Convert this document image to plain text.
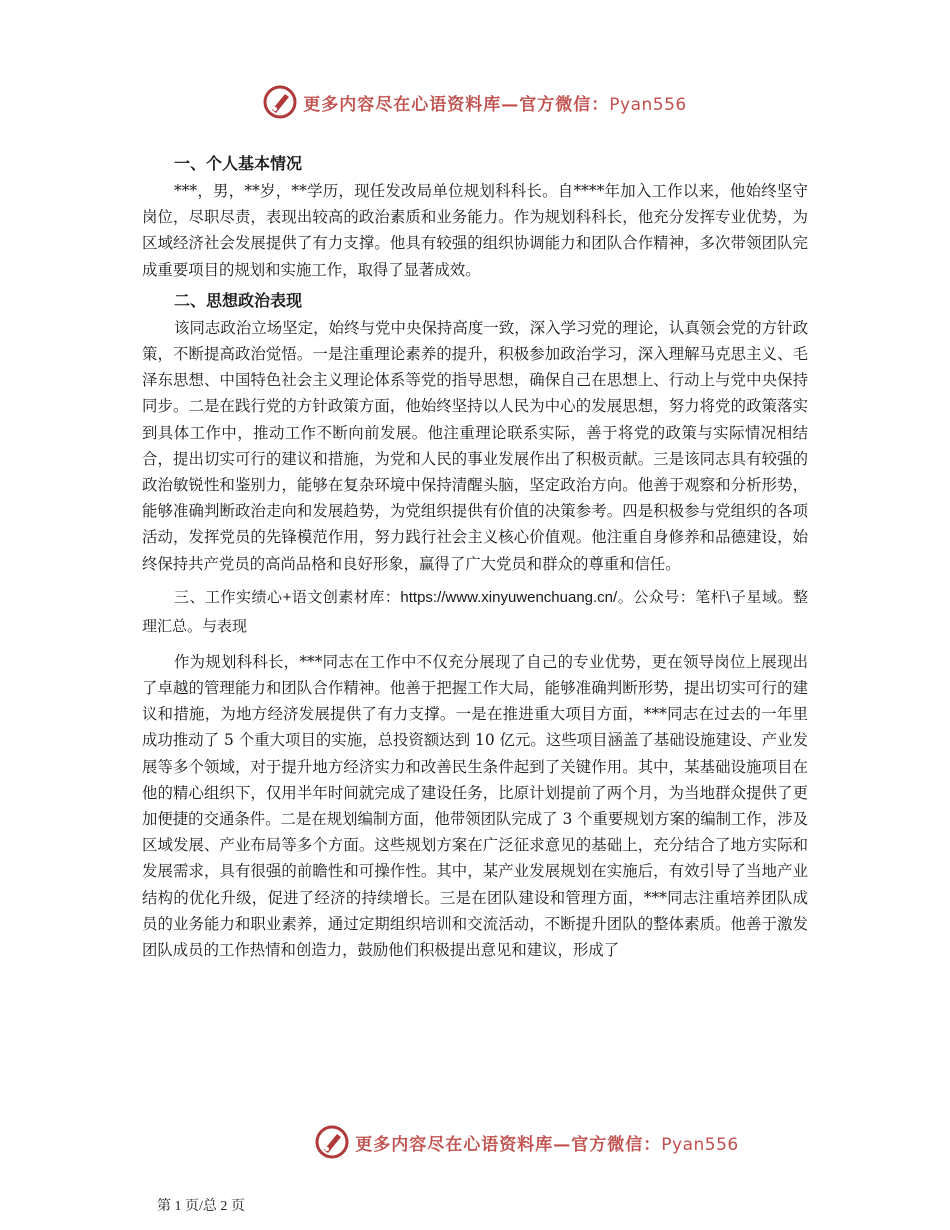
更多内容尽在心语资料库—官方微信：Pyan556
一、个人基本情况

***，男，**岁，**学历，现任发改局单位规划科科长。自****年加入工作以来，他始终坚守岗位，尽职尽责，表现出较高的政治素质和业务能力。作为规划科科长，他充分发挥专业优势，为区域经济社会发展提供了有力支撑。他具有较强的组织协调能力和团队合作精神，多次带领团队完成重要项目的规划和实施工作，取得了显著成效。

二、思想政治表现

该同志政治立场坚定，始终与党中央保持高度一致，深入学习党的理论，认真领会党的方针政策，不断提高政治觉悟。一是注重理论素养的提升，积极参加政治学习，深入理解马克思主义、毛泽东思想、中国特色社会主义理论体系等党的指导思想，确保自己在思想上、行动上与党中央保持同步。二是在践行党的方针政策方面，他始终坚持以人民为中心的发展思想，努力将党的政策落实到具体工作中，推动工作不断向前发展。他注重理论联系实际，善于将党的政策与实际情况相结合，提出切实可行的建议和措施，为党和人民的事业发展作出了积极贡献。三是该同志具有较强的政治敏锐性和鉴别力，能够在复杂环境中保持清醒头脑，坚定政治方向。他善于观察和分析形势，能够准确判断政治走向和发展趋势，为党组织提供有价值的决策参考。四是积极参与党组织的各项活动，发挥党员的先锋模范作用，努力践行社会主义核心价值观。他注重自身修养和品德建设，始终保持共产党员的高尚品格和良好形象，赢得了广大党员和群众的尊重和信任。

三、工作实绩心+语文创素材库：https://www.xinyuwenchuang.cn/。公众号：笔杆\子星域。整理汇总。与表现

作为规划科科长，***同志在工作中不仅充分展现了自己的专业优势，更在领导岗位上展现出了卓越的管理能力和团队合作精神。他善于把握工作大局，能够准确判断形势，提出切实可行的建议和措施，为地方经济发展提供了有力支撑。一是在推进重大项目方面，***同志在过去的一年里成功推动了 5 个重大项目的实施，总投资额达到 10 亿元。这些项目涵盖了基础设施建设、产业发展等多个领域，对于提升地方经济实力和改善民生条件起到了关键作用。其中，某基础设施项目在他的精心组织下，仅用半年时间就完成了建设任务，比原计划提前了两个月，为当地群众提供了更加便捷的交通条件。二是在规划编制方面，他带领团队完成了 3 个重要规划方案的编制工作，涉及区域发展、产业布局等多个方面。这些规划方案在广泛征求意见的基础上，充分结合了地方实际和发展需求，具有很强的前瞻性和可操作性。其中，某产业发展规划在实施后，有效引导了当地产业结构的优化升级，促进了经济的持续增长。三是在团队建设和管理方面，***同志注重培养团队成员的业务能力和职业素养，通过定期组织培训和交流活动，不断提升团队的整体素质。他善于激发团队成员的工作热情和创造力，鼓励他们积极提出意见和建议，形成了

更多内容尽在心语资料库—官方微信：Pyan556
第 1 页/总 2 页
